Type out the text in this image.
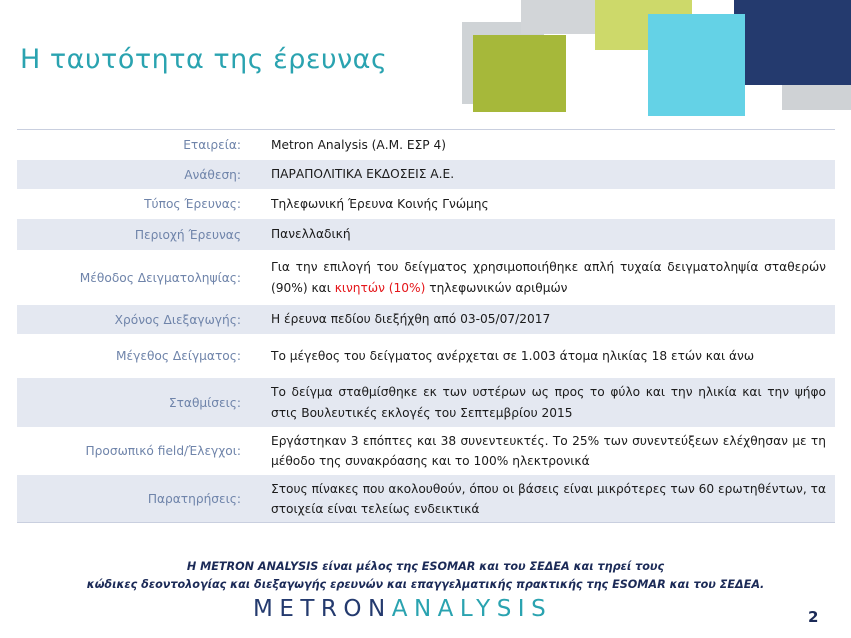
Η ταυτότητα της έρευνας
Εταιρεία:	Metron Analysis (Α.Μ. ΕΣΡ 4)
Ανάθεση:	ΠΑΡΑΠΟΛΙΤΙΚΑ ΕΚΔΟΣΕΙΣ Α.Ε.
Τύπος Έρευνας:	Τηλεφωνική Έρευνα Κοινής Γνώμης
Περιοχή Έρευνας	Πανελλαδική
Μέθοδος Δειγματοληψίας:	Για την επιλογή του δείγματος χρησιμοποιήθηκε απλή τυχαία δειγματοληψία σταθερών (90%) και κινητών (10%) τηλεφωνικών αριθμών
Χρόνος Διεξαγωγής:	Η έρευνα πεδίου διεξήχθη από 03-05/07/2017
Μέγεθος Δείγματος:	Το μέγεθος του δείγματος ανέρχεται σε 1.003 άτομα ηλικίας 18 ετών και άνω
Σταθμίσεις:	Το δείγμα σταθμίσθηκε εκ των υστέρων ως προς το φύλο και την ηλικία και την ψήφο στις Βουλευτικές εκλογές του Σεπτεμβρίου 2015
Προσωπικό field/Έλεγχοι:	Εργάστηκαν 3 επόπτες και 38 συνεντευκτές. Το 25% των συνεντεύξεων ελέχθησαν με τη μέθοδο της συνακρόασης και το 100% ηλεκτρονικά
Παρατηρήσεις:	Στους πίνακες που ακολουθούν, όπου οι βάσεις είναι μικρότερες των 60 ερωτηθέντων, τα στοιχεία είναι τελείως ενδεικτικά
Η METRON ANALYSIS είναι μέλος της ESOMAR και του ΣΕΔΕΑ και τηρεί τους
κώδικες δεοντολογίας και διεξαγωγής ερευνών και επαγγελματικής πρακτικής της ESOMAR και του ΣΕΔΕΑ.
METRONANALYSIS	2
